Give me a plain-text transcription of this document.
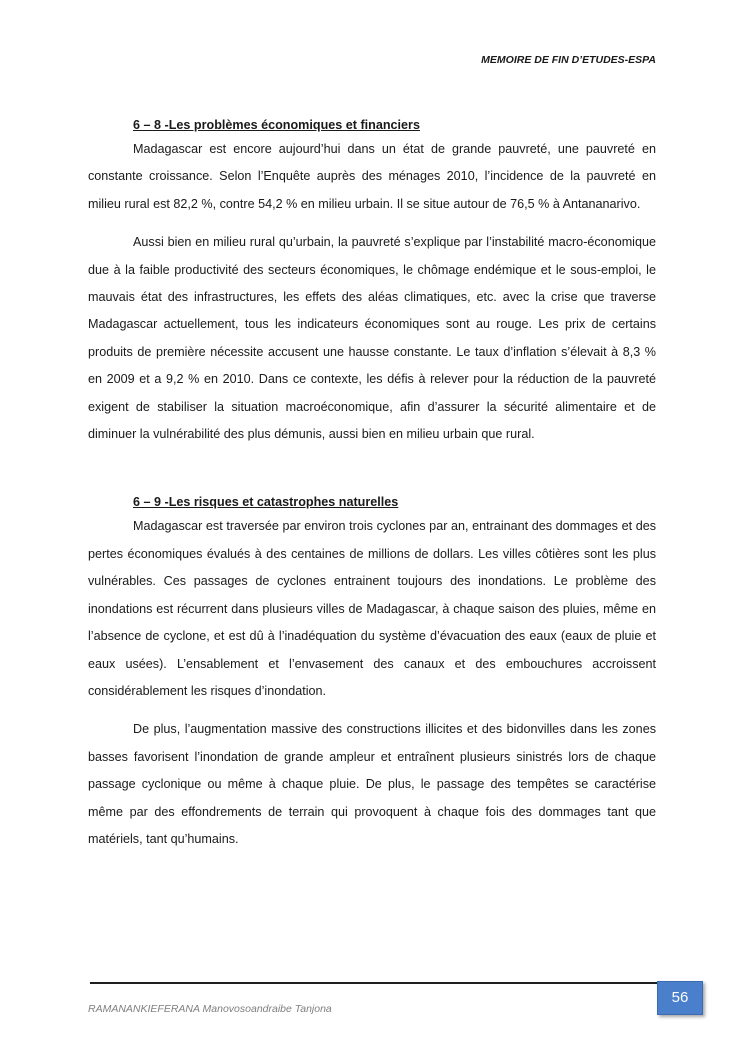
MEMOIRE DE FIN D’ETUDES-ESPA
6 – 8 -Les problèmes économiques et financiers

Madagascar est encore aujourd’hui dans un état de grande pauvreté, une pauvreté en constante croissance. Selon l’Enquête auprès des ménages 2010, l’incidence de la pauvreté en milieu rural est 82,2 %, contre 54,2 % en milieu urbain. Il se situe autour de 76,5 % à Antananarivo.

Aussi bien en milieu rural qu’urbain, la pauvreté s’explique par l’instabilité macro-économique due à la faible productivité des secteurs économiques, le chômage endémique et le sous-emploi, le mauvais état des infrastructures, les effets des aléas climatiques, etc. avec la crise que traverse Madagascar actuellement, tous les indicateurs économiques sont au rouge. Les prix de certains produits de première nécessite accusent une hausse constante. Le taux d’inflation s’élevait à 8,3 % en 2009 et a 9,2 % en 2010. Dans ce contexte, les défis à relever pour la réduction de la pauvreté exigent de stabiliser la situation macroéconomique, afin d’assurer la sécurité alimentaire et de diminuer la vulnérabilité des plus démunis, aussi bien en milieu urbain que rural.

6 – 9 -Les risques et catastrophes naturelles

Madagascar est traversée par environ trois cyclones par an, entrainant des dommages et des pertes économiques évalués à des centaines de millions de dollars. Les villes côtières sont les plus vulnérables. Ces passages de cyclones entrainent toujours des inondations. Le problème des inondations est récurrent dans plusieurs villes de Madagascar, à chaque saison des pluies, même en l’absence de cyclone, et est dû à l’inadéquation du système d’évacuation des eaux (eaux de pluie et eaux usées). L’ensablement et l’envasement des canaux et des embouchures accroissent considérablement les risques d’inondation.

De plus, l’augmentation massive des constructions illicites et des bidonvilles dans les zones basses favorisent l’inondation de grande ampleur et entraînent plusieurs sinistrés lors de chaque passage cyclonique ou même à chaque pluie. De plus, le passage des tempêtes se caractérise même par des effondrements de terrain qui provoquent à chaque fois des dommages tant que matériels, tant qu’humains.

RAMANANKIEFERANA Manovosoandraibe Tanjona
56
